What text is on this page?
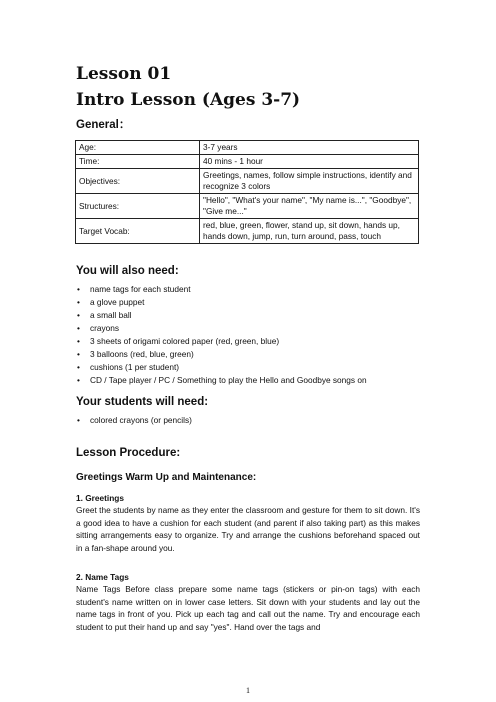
Lesson 01
Intro Lesson (Ages 3-7)
General：
Age:	3-7 years
Time:	40 mins - 1 hour
Objectives:	Greetings, names, follow simple instructions, identify and recognize 3 colors
Structures:	"Hello", "What's your name", "My name is...", "Goodbye", "Give me..."
Target Vocab:	red, blue, green, flower, stand up, sit down, hands up, hands down, jump, run, turn around, pass, touch
You will also need:
• name tags for each student
• a glove puppet
• a small ball
• crayons
• 3 sheets of origami colored paper (red, green, blue)
• 3 balloons (red, blue, green)
• cushions (1 per student)
• CD / Tape player / PC / Something to play the Hello and Goodbye songs on
Your students will need:
• colored crayons (or pencils)
Lesson Procedure:
Greetings Warm Up and Maintenance:

1. Greetings
Greet the students by name as they enter the classroom and gesture for them to sit down. It's a good idea to have a cushion for each student (and parent if also taking part) as this makes sitting arrangements easy to organize. Try and arrange the cushions beforehand spaced out in a fan-shape around you.

2. Name Tags
Name Tags Before class prepare some name tags (stickers or pin-on tags) with each student's name written on in lower case letters. Sit down with your students and lay out the name tags in front of you. Pick up each tag and call out the name. Try and encourage each student to put their hand up and say "yes". Hand over the tags and

1
